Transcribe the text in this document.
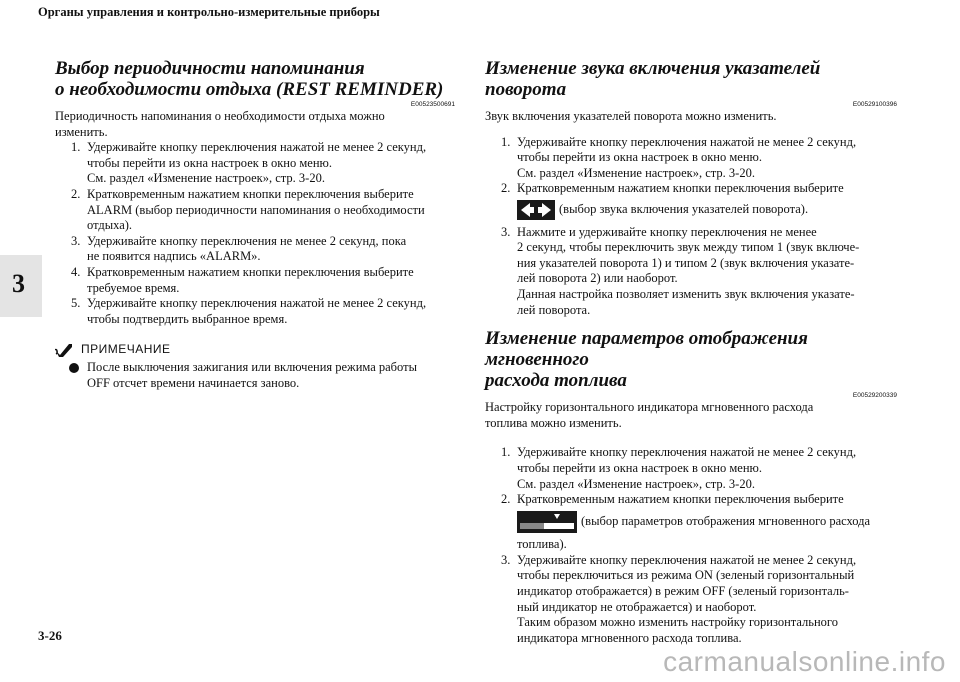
Органы управления и контрольно-измерительные приборы
3
Выбор периодичности напоминания
о необходимости отдыха (REST REMINDER)
E00523500691

Периодичность напоминания о необходимости отдыха можно
изменить.

1. Удерживайте кнопку переключения нажатой не менее 2 секунд,
чтобы перейти из окна настроек в окно меню.
См. раздел «Изменение настроек», стр. 3-20.
2. Кратковременным нажатием кнопки переключения выберите
ALARM (выбор периодичности напоминания о необходимости
отдыха).
3. Удерживайте кнопку переключения не менее 2 секунд, пока
не появится надпись «ALARM».
4. Кратковременным нажатием кнопки переключения выберите
требуемое время.
5. Удерживайте кнопку переключения нажатой не менее 2 секунд,
чтобы подтвердить выбранное время.
ПРИМЕЧАНИЕ
После выключения зажигания или включения режима работы
OFF отсчет времени начинается заново.
Изменение звука включения указателей поворота
E00529100396

Звук включения указателей поворота можно изменить.

1. Удерживайте кнопку переключения нажатой не менее 2 секунд,
чтобы перейти из окна настроек в окно меню.
См. раздел «Изменение настроек», стр. 3-20.
2. Кратковременным нажатием кнопки переключения выберите

(выбор звука включения указателей поворота).
3. Нажмите и удерживайте кнопку переключения не менее
2 секунд, чтобы переключить звук между типом 1 (звук включе-
ния указателей поворота 1) и типом 2 (звук включения указате-
лей поворота 2) или наоборот.
Данная настройка позволяет изменить звук включения указате-
лей поворота.
Изменение параметров отображения мгновенного
расхода топлива
E00529200339

Настройку горизонтального индикатора мгновенного расхода
топлива можно изменить.

1. Удерживайте кнопку переключения нажатой не менее 2 секунд,
чтобы перейти из окна настроек в окно меню.
См. раздел «Изменение настроек», стр. 3-20.
2. Кратковременным нажатием кнопки переключения выберите

(выбор параметров отображения мгновенного расхода

топлива).
3. Удерживайте кнопку переключения нажатой не менее 2 секунд,
чтобы переключиться из режима ON (зеленый горизонтальный
индикатор отображается) в режим OFF (зеленый горизонталь-
ный индикатор не отображается) и наоборот.
Таким образом можно изменить настройку горизонтального
индикатора мгновенного расхода топлива.
3-26
carmanualsonline.info
